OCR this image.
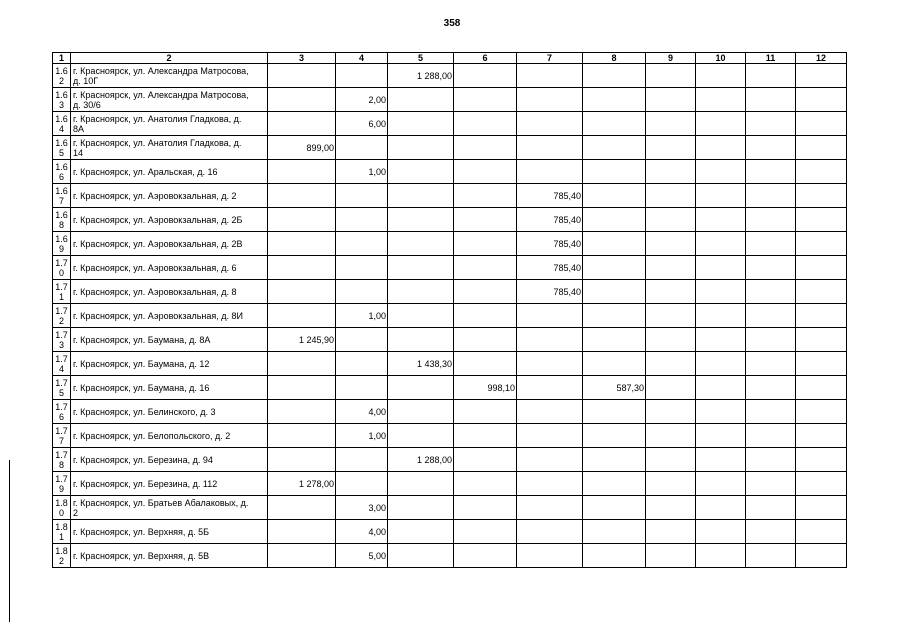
358
1	2	3	4	5	6	7	8	9	10	11	12
1.6
2	г. Красноярск, ул. Александра Матросова,
д. 10Г			1 288,00							
1.6
3	г. Красноярск, ул. Александра Матросова,
д. 30/6		2,00								
1.6
4	г. Красноярск, ул. Анатолия Гладкова, д.
8А		6,00								
1.6
5	г. Красноярск, ул. Анатолия Гладкова, д.
14	899,00									
1.6
6	г. Красноярск, ул. Аральская, д. 16		1,00								
1.6
7	г. Красноярск, ул. Аэровокзальная, д. 2					785,40					
1.6
8	г. Красноярск, ул. Аэровокзальная, д. 2Б					785,40					
1.6
9	г. Красноярск, ул. Аэровокзальная, д. 2В					785,40					
1.7
0	г. Красноярск, ул. Аэровокзальная, д. 6					785,40					
1.7
1	г. Красноярск, ул. Аэровокзальная, д. 8					785,40					
1.7
2	г. Красноярск, ул. Аэровокзальная, д. 8И		1,00								
1.7
3	г. Красноярск, ул. Баумана, д. 8А	1 245,90									
1.7
4	г. Красноярск, ул. Баумана, д. 12			1 438,30							
1.7
5	г. Красноярск, ул. Баумана, д. 16				998,10		587,30				
1.7
6	г. Красноярск, ул. Белинского, д. 3		4,00								
1.7
7	г. Красноярск, ул. Белопольского, д. 2		1,00								
1.7
8	г. Красноярск, ул. Березина, д. 94			1 288,00							
1.7
9	г. Красноярск, ул. Березина, д. 112	1 278,00									
1.8
0	г. Красноярск, ул. Братьев Абалаковых, д.
2		3,00								
1.8
1	г. Красноярск, ул. Верхняя, д. 5Б		4,00								
1.8
2	г. Красноярск, ул. Верхняя, д. 5В		5,00								
